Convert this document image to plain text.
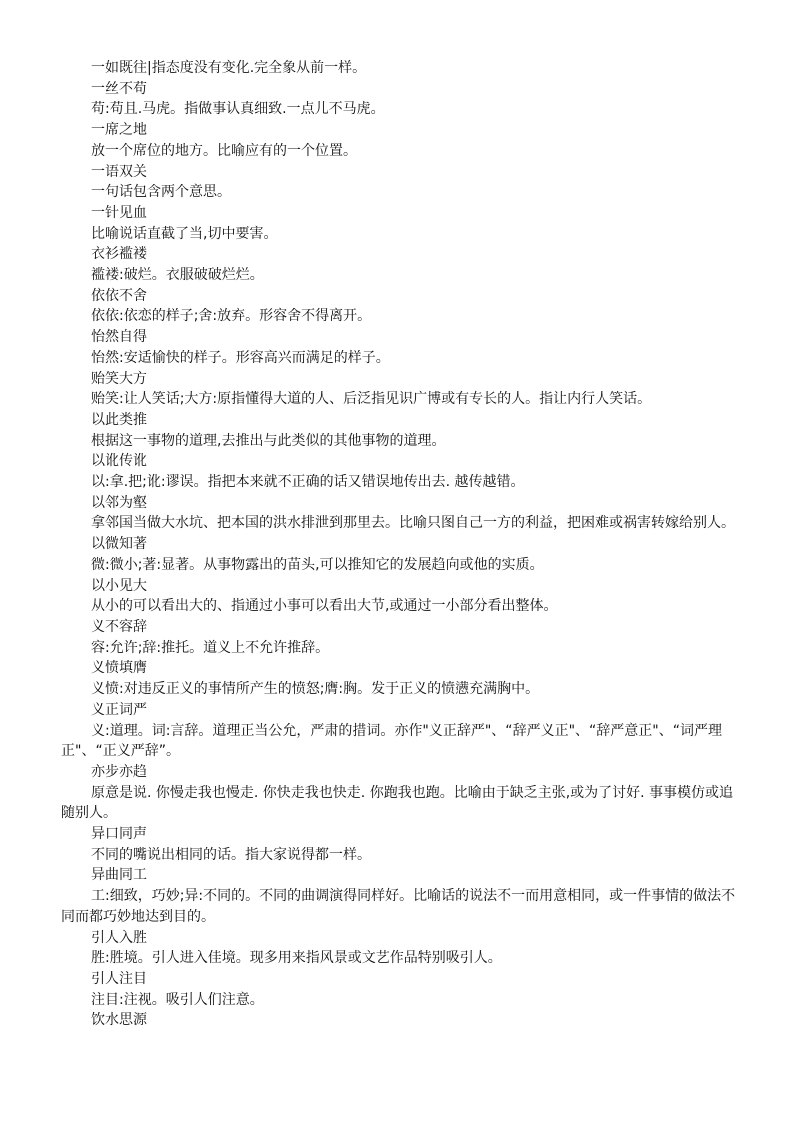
一如既往|指态度没有变化.完全象从前一样。

一丝不苟

苟:苟且.马虎。指做事认真细致.一点儿不马虎。

一席之地

放一个席位的地方。比喻应有的一个位置。

一语双关

一句话包含两个意思。

一针见血

比喻说话直截了当,切中要害。

衣衫褴褛

褴褛:破烂。衣服破破烂烂。

依依不舍

依依:依恋的样子;舍:放弃。形容舍不得离开。

怡然自得

怡然:安适愉快的样子。形容高兴而满足的样子。

贻笑大方

贻笑:让人笑话;大方:原指懂得大道的人、后泛指见识广博或有专长的人。指让内行人笑话。

以此类推

根据这一事物的道理,去推出与此类似的其他事物的道理。

以讹传讹

以:拿.把;讹:谬误。指把本来就不正确的话又错误地传出去. 越传越错。

以邻为壑

拿邻国当做大水坑、把本国的洪水排泄到那里去。比喻只图自己一方的利益，把困难或祸害转嫁给别人。

以微知著

微:微小;著:显著。从事物露出的苗头,可以推知它的发展趋向或他的实质。

以小见大

从小的可以看出大的、指通过小事可以看出大节,或通过一小部分看出整体。

义不容辞

容:允许;辞:推托。道义上不允许推辞。

义愤填膺

义愤:对违反正义的事情所产生的愤怒;膺:胸。发于正义的愤懑充满胸中。

义正词严

义:道理。词:言辞。道理正当公允，严肃的措词。亦作"义正辞严"、“辞严义正"、“辞严意正"、“词严理正"、“正义严辞”。

亦步亦趋

原意是说. 你慢走我也慢走. 你快走我也快走. 你跑我也跑。比喻由于缺乏主张,或为了讨好. 事事模仿或追随别人。

异口同声

不同的嘴说出相同的话。指大家说得都一样。

异曲同工

工:细致，巧妙;异:不同的。不同的曲调演得同样好。比喻话的说法不一而用意相同，或一件事情的做法不同而都巧妙地达到目的。

引人入胜

胜:胜境。引人进入佳境。现多用来指风景或文艺作品特别吸引人。

引人注目

注目:注视。吸引人们注意。

饮水思源
